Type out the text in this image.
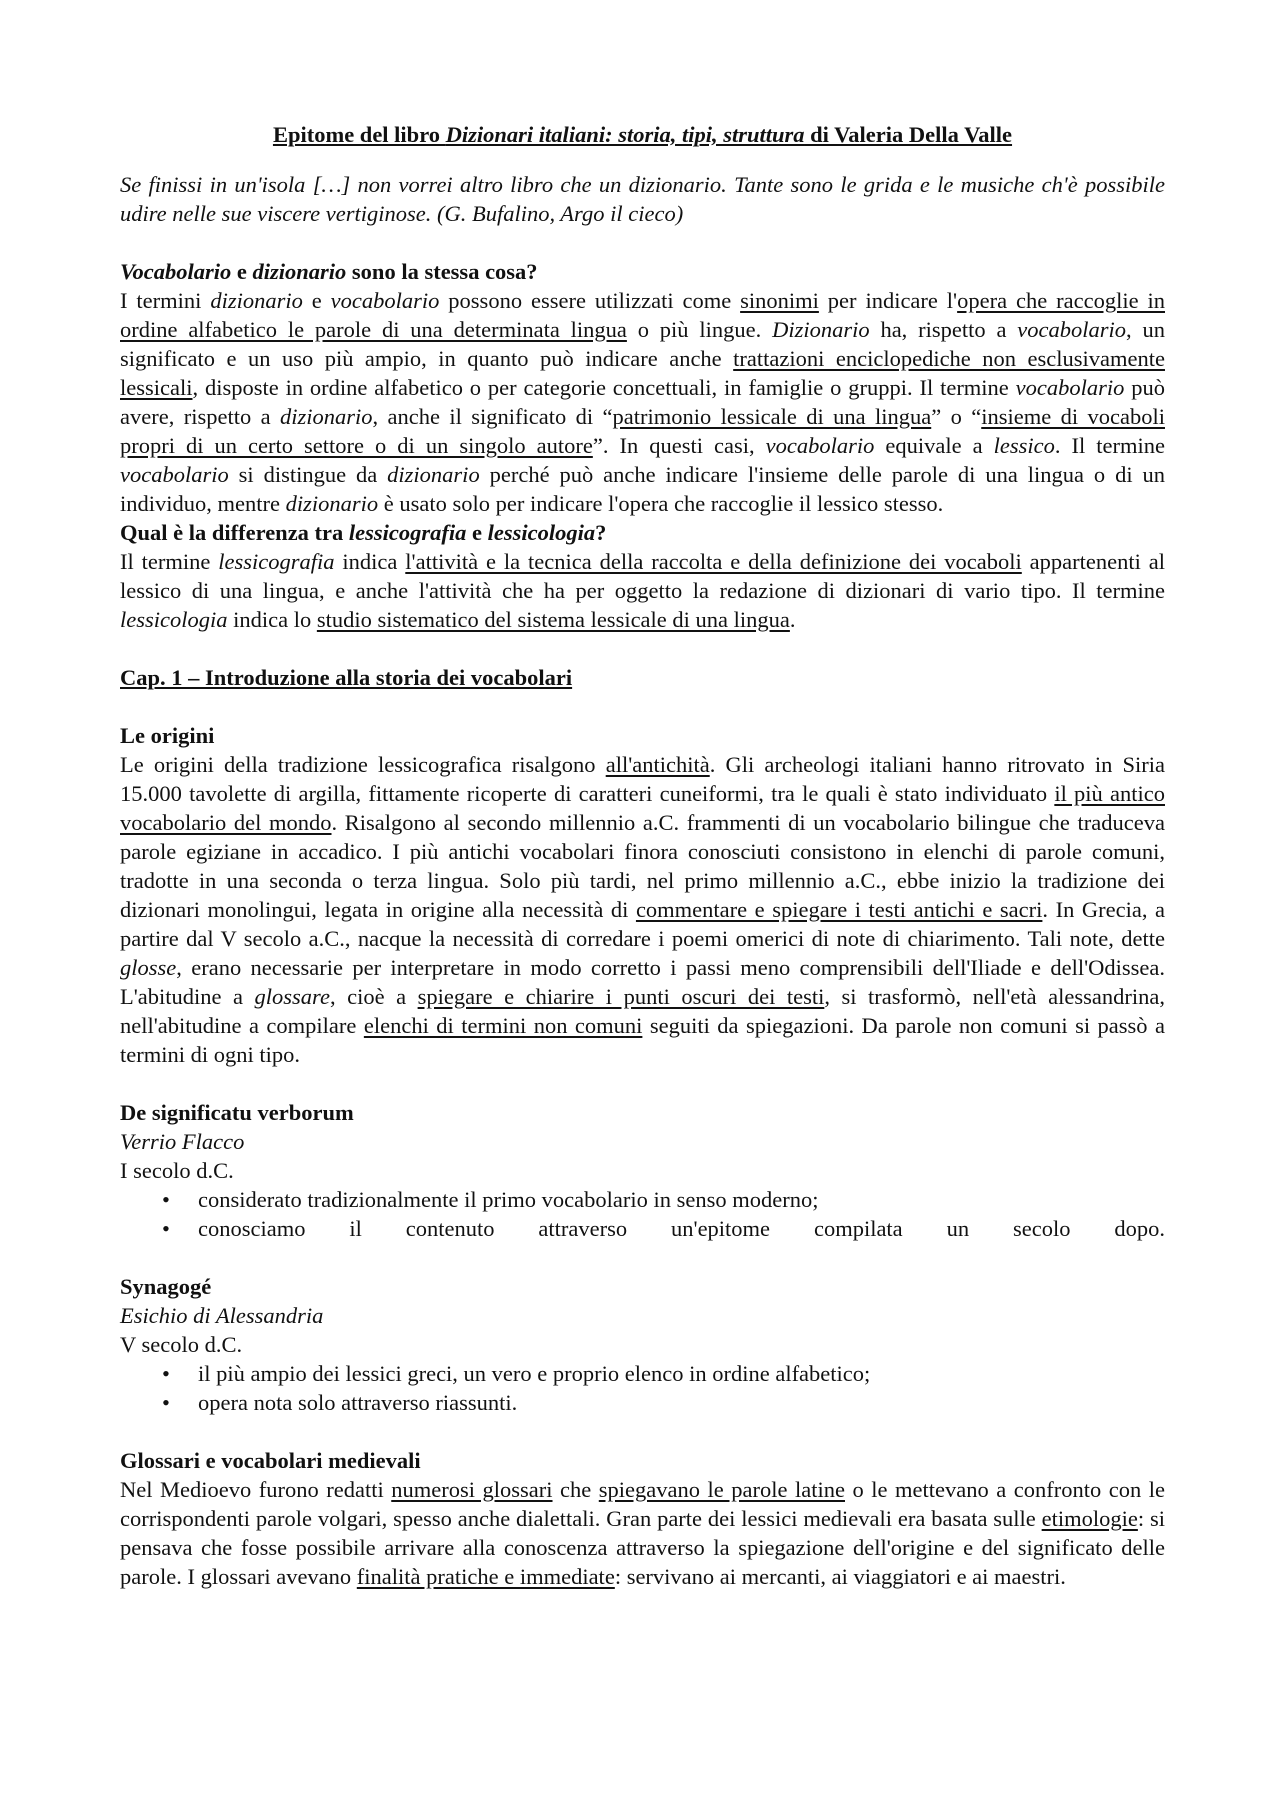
Epitome del libro Dizionari italiani: storia, tipi, struttura di Valeria Della Valle

Se finissi in un'isola […] non vorrei altro libro che un dizionario. Tante sono le grida e le musiche ch'è possibile udire nelle sue viscere vertiginose. (G. Bufalino, Argo il cieco)

Vocabolario e dizionario sono la stessa cosa?

I termini dizionario e vocabolario possono essere utilizzati come sinonimi per indicare l'opera che raccoglie in ordine alfabetico le parole di una determinata lingua o più lingue. Dizionario ha, rispetto a vocabolario, un significato e un uso più ampio, in quanto può indicare anche trattazioni enciclopediche non esclusivamente lessicali, disposte in ordine alfabetico o per categorie concettuali, in famiglie o gruppi. Il termine vocabolario può avere, rispetto a dizionario, anche il significato di “patrimonio lessicale di una lingua” o “insieme di vocaboli propri di un certo settore o di un singolo autore”. In questi casi, vocabolario equivale a lessico. Il termine vocabolario si distingue da dizionario perché può anche indicare l'insieme delle parole di una lingua o di un individuo, mentre dizionario è usato solo per indicare l'opera che raccoglie il lessico stesso.

Qual è la differenza tra lessicografia e lessicologia?

Il termine lessicografia indica l'attività e la tecnica della raccolta e della definizione dei vocaboli appartenenti al lessico di una lingua, e anche l'attività che ha per oggetto la redazione di dizionari di vario tipo. Il termine lessicologia indica lo studio sistematico del sistema lessicale di una lingua.

Cap. 1 – Introduzione alla storia dei vocabolari

Le origini

Le origini della tradizione lessicografica risalgono all'antichità. Gli archeologi italiani hanno ritrovato in Siria 15.000 tavolette di argilla, fittamente ricoperte di caratteri cuneiformi, tra le quali è stato individuato il più antico vocabolario del mondo. Risalgono al secondo millennio a.C. frammenti di un vocabolario bilingue che traduceva parole egiziane in accadico. I più antichi vocabolari finora conosciuti consistono in elenchi di parole comuni, tradotte in una seconda o terza lingua. Solo più tardi, nel primo millennio a.C., ebbe inizio la tradizione dei dizionari monolingui, legata in origine alla necessità di commentare e spiegare i testi antichi e sacri. In Grecia, a partire dal V secolo a.C., nacque la necessità di corredare i poemi omerici di note di chiarimento. Tali note, dette glosse, erano necessarie per interpretare in modo corretto i passi meno comprensibili dell'Iliade e dell'Odissea. L'abitudine a glossare, cioè a spiegare e chiarire i punti oscuri dei testi, si trasformò, nell'età alessandrina, nell'abitudine a compilare elenchi di termini non comuni seguiti da spiegazioni. Da parole non comuni si passò a termini di ogni tipo.

De significatu verborum

Verrio Flacco

I secolo d.C.

• considerato tradizionalmente il primo vocabolario in senso moderno;
• conosciamo il contenuto attraverso un'epitome compilata un secolo dopo.

Synagogé

Esichio di Alessandria

V secolo d.C.

• il più ampio dei lessici greci, un vero e proprio elenco in ordine alfabetico;
• opera nota solo attraverso riassunti.

Glossari e vocabolari medievali

Nel Medioevo furono redatti numerosi glossari che spiegavano le parole latine o le mettevano a confronto con le corrispondenti parole volgari, spesso anche dialettali. Gran parte dei lessici medievali era basata sulle etimologie: si pensava che fosse possibile arrivare alla conoscenza attraverso la spiegazione dell'origine e del significato delle parole. I glossari avevano finalità pratiche e immediate: servivano ai mercanti, ai viaggiatori e ai maestri.
